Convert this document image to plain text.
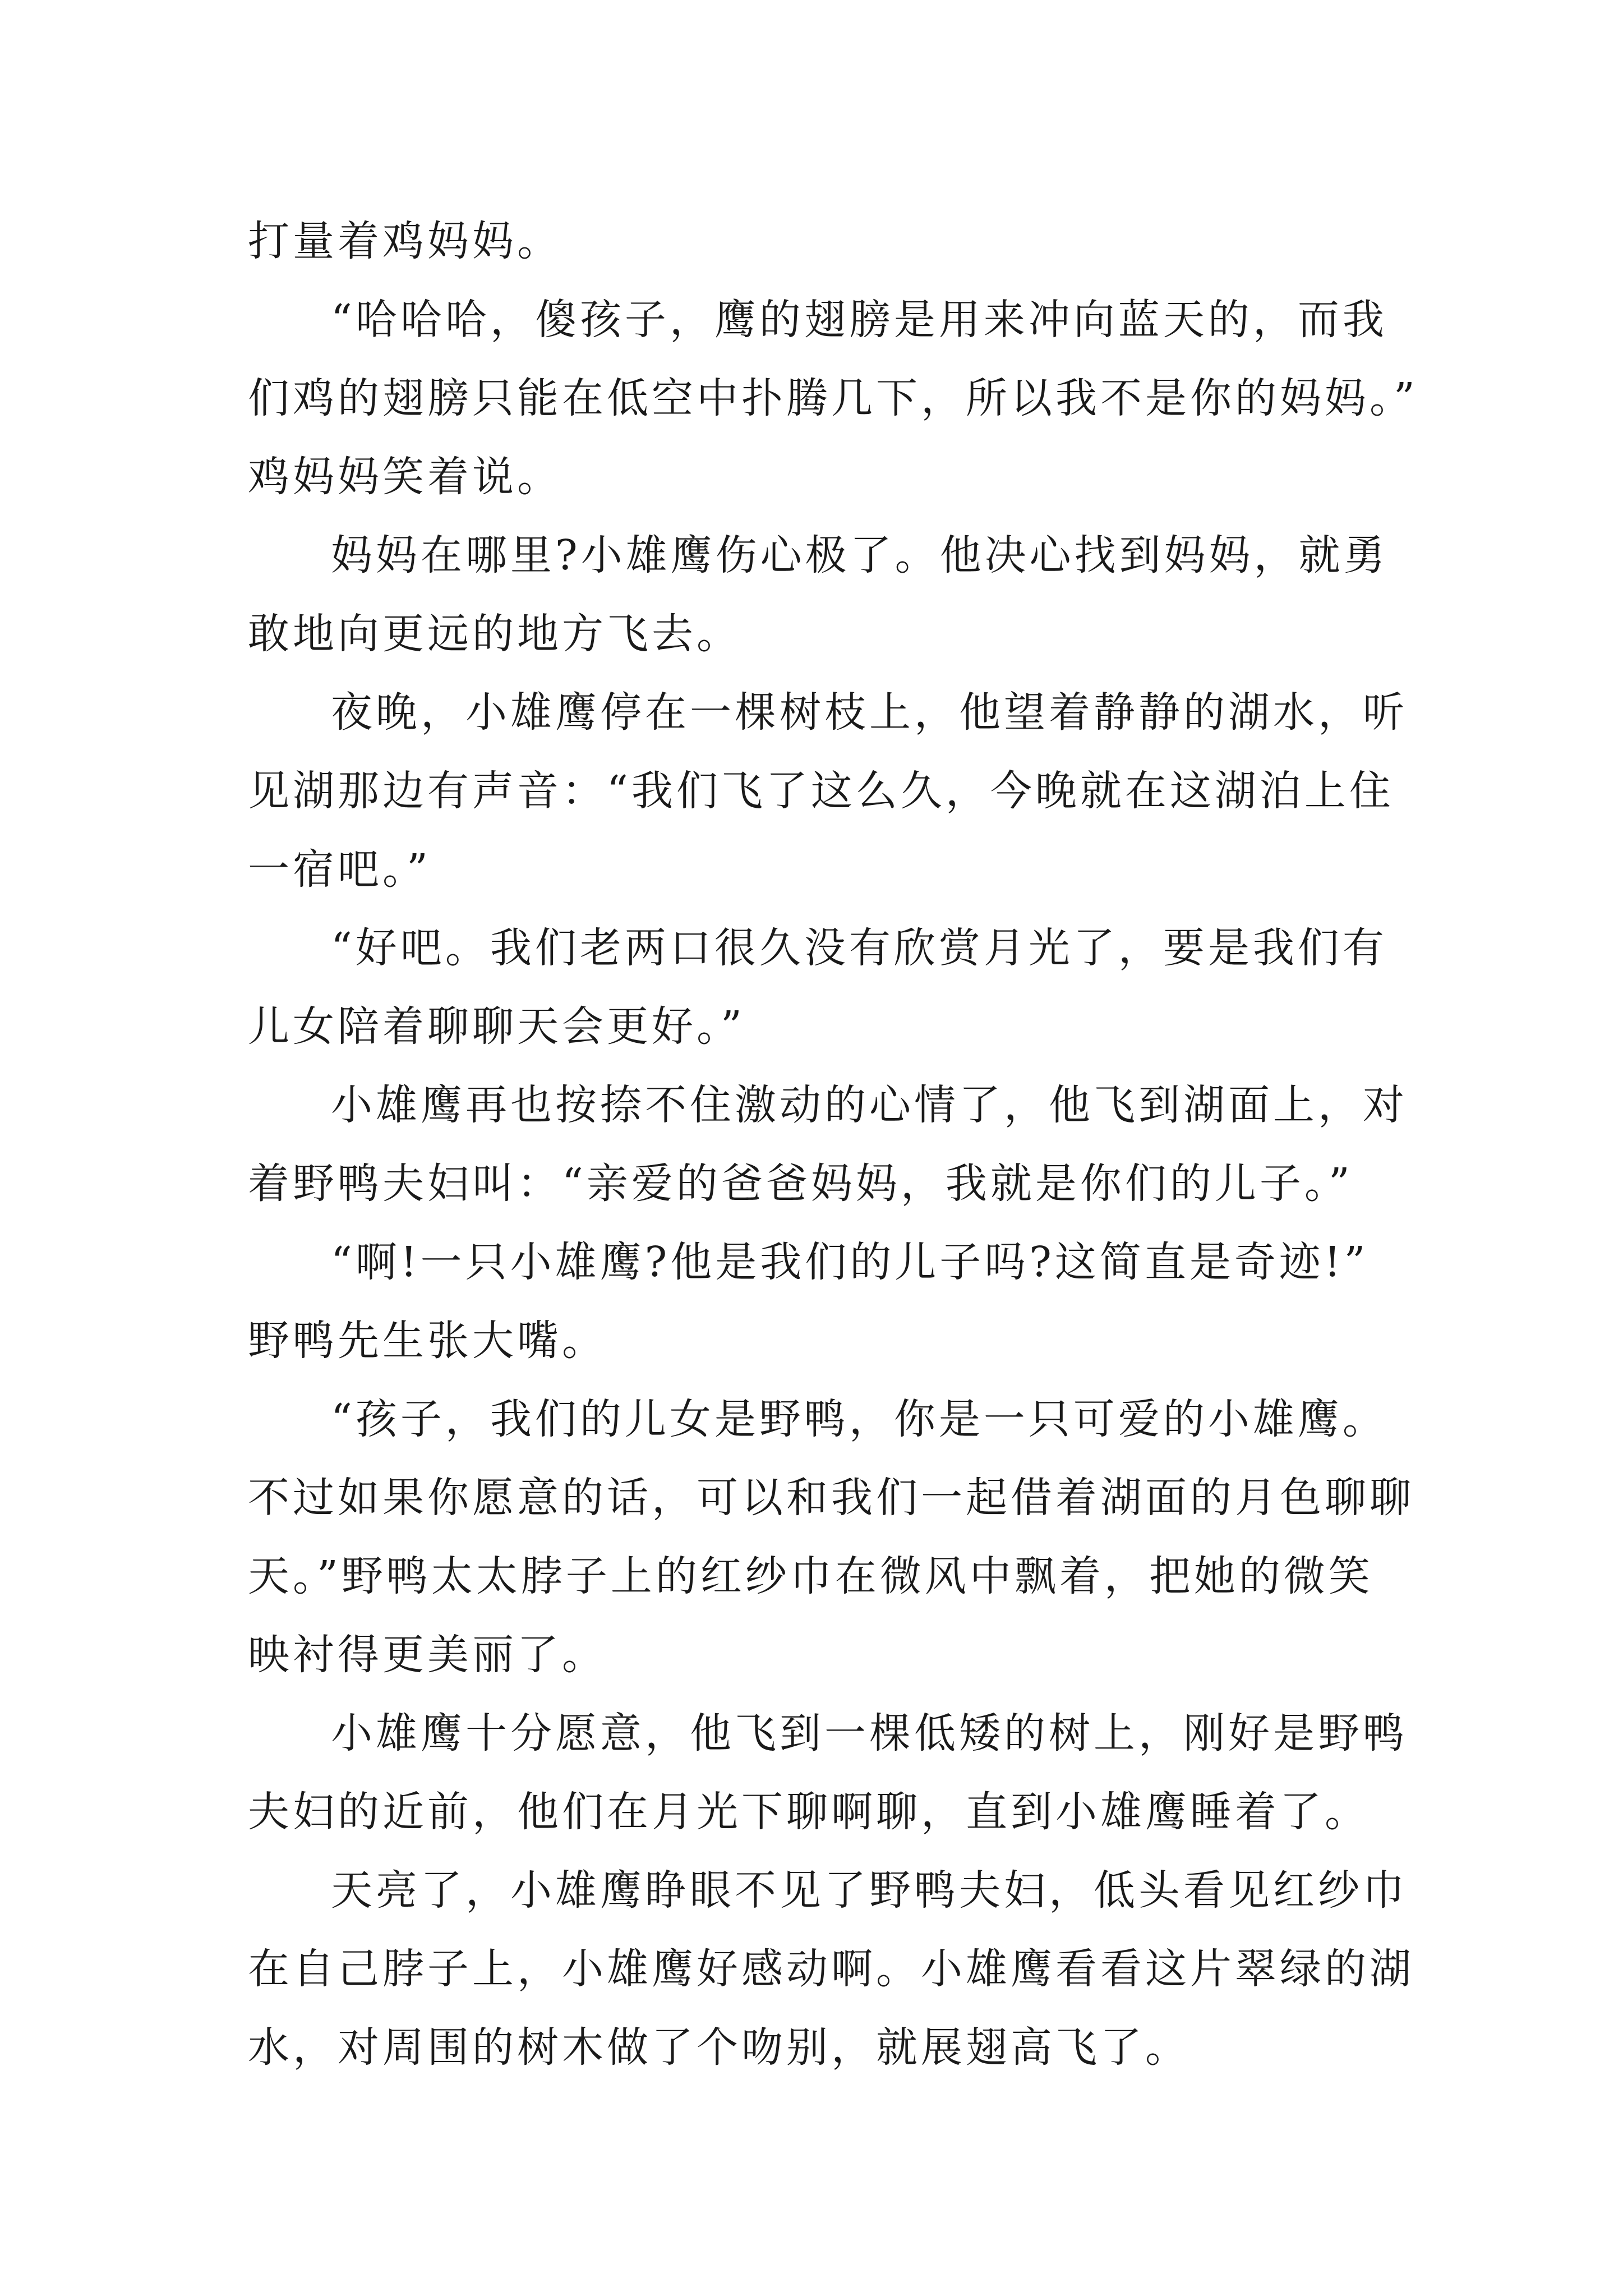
打量着鸡妈妈。
“哈哈哈，傻孩子，鹰的翅膀是用来冲向蓝天的，而我
们鸡的翅膀只能在低空中扑腾几下，所以我不是你的妈妈。”
鸡妈妈笑着说。
妈妈在哪里?小雄鹰伤心极了。他决心找到妈妈，就勇
敢地向更远的地方飞去。
夜晚，小雄鹰停在一棵树枝上，他望着静静的湖水，听
见湖那边有声音：“我们飞了这么久，今晚就在这湖泊上住
一宿吧。”
“好吧。我们老两口很久没有欣赏月光了，要是我们有
儿女陪着聊聊天会更好。”
小雄鹰再也按捺不住激动的心情了，他飞到湖面上，对
着野鸭夫妇叫：“亲爱的爸爸妈妈，我就是你们的儿子。”
“啊!一只小雄鹰?他是我们的儿子吗?这简直是奇迹!”
野鸭先生张大嘴。
“孩子，我们的儿女是野鸭，你是一只可爱的小雄鹰。
不过如果你愿意的话，可以和我们一起借着湖面的月色聊聊
天。”野鸭太太脖子上的红纱巾在微风中飘着，把她的微笑
映衬得更美丽了。
小雄鹰十分愿意，他飞到一棵低矮的树上，刚好是野鸭
夫妇的近前，他们在月光下聊啊聊，直到小雄鹰睡着了。
天亮了，小雄鹰睁眼不见了野鸭夫妇，低头看见红纱巾
在自己脖子上，小雄鹰好感动啊。小雄鹰看看这片翠绿的湖
水，对周围的树木做了个吻别，就展翅高飞了。
